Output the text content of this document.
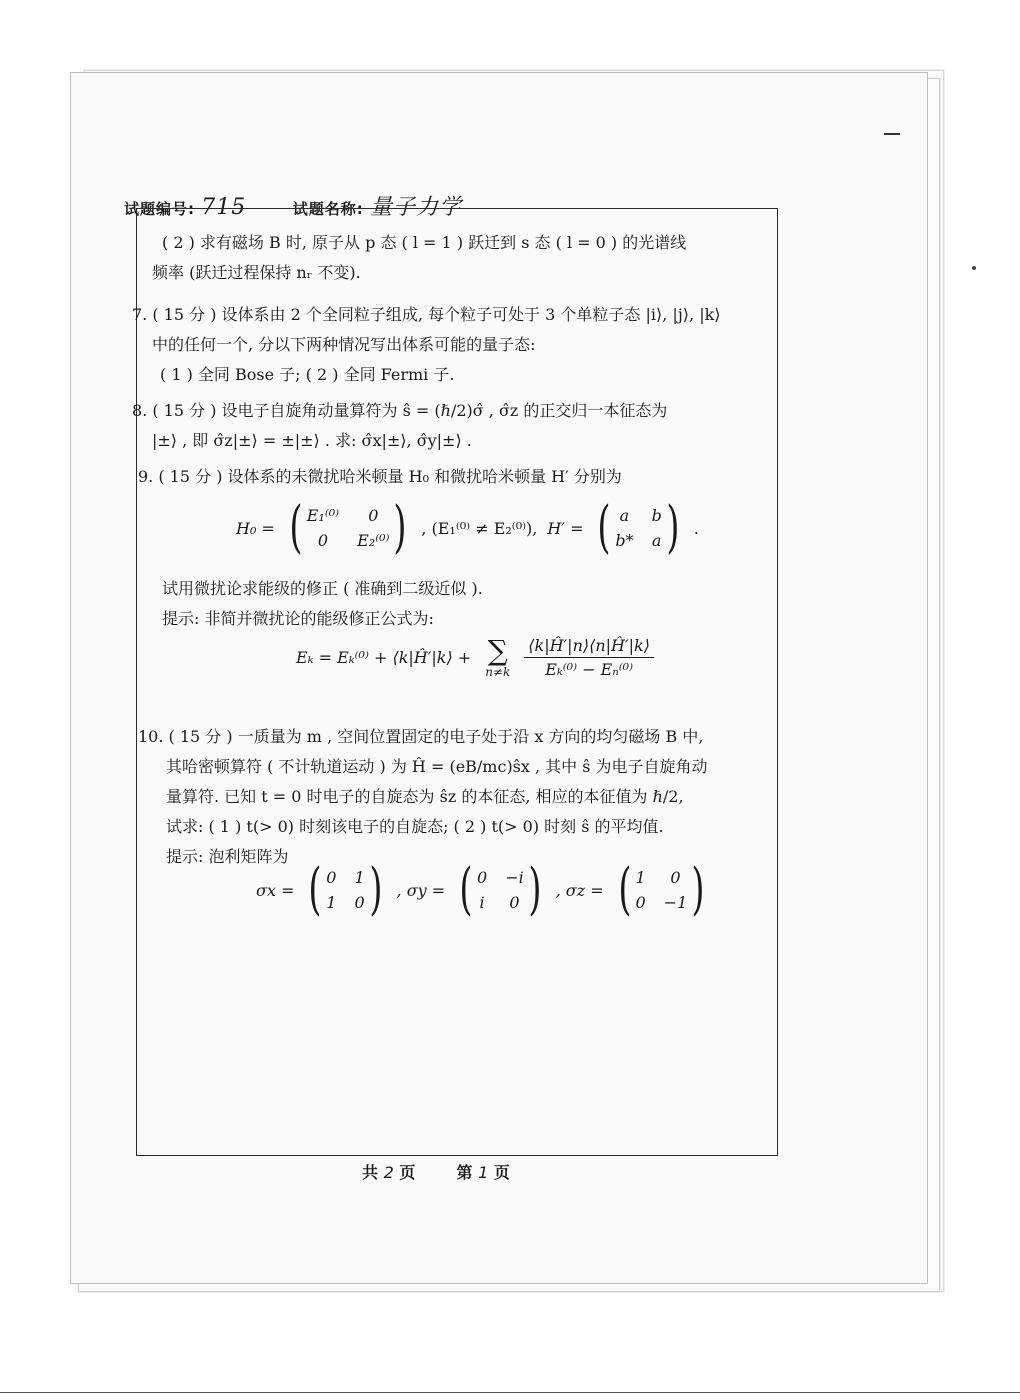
试题编号: 715	试题名称: 量子力学

( 2 ) 求有磁场 B 时, 原子从 p 态 ( l = 1 ) 跃迁到 s 态 ( l = 0 ) 的光谱线

频率 (跃迁过程保持 nᵣ 不变).

7. ( 15 分 ) 设体系由 2 个全同粒子组成, 每个粒子可处于 3 个单粒子态 |i⟩, |j⟩, |k⟩

中的任何一个, 分以下两种情况写出体系可能的量子态:

( 1 ) 全同 Bose 子; ( 2 ) 全同 Fermi 子.

8. ( 15 分 ) 设电子自旋角动量算符为 ŝ = (ℏ/2)σ̂ , σ̂z 的正交归一本征态为

|±⟩ , 即 σ̂z|±⟩ = ±|±⟩ . 求: σ̂x|±⟩, σ̂y|±⟩ .

9. ( 15 分 ) 设体系的未微扰哈米顿量 H₀ 和微扰哈米顿量 H′ 分别为

H₀ = ( E₁⁽⁰⁾	0
0	E₂⁽⁰⁾ ) , (E₁⁽⁰⁾ ≠ E₂⁽⁰⁾), H′ = ( a b
b* a ) .

试用微扰论求能级的修正 ( 准确到二级近似 ).

提示: 非简并微扰论的能级修正公式为:

Eₖ = Eₖ⁽⁰⁾ + ⟨k|Ĥ′|k⟩ + ∑
$n\ne k \frac{⟨k|Ĥ'|n⟩⟨n|Ĥ'|k⟩}{\text{Eₖ⁽⁰⁾ − Eₙ⁽⁰⁾}}$

10. ( 15 分 ) 一质量为 m , 空间位置固定的电子处于沿 x 方向的均匀磁场 B 中,

其哈密顿算符 ( 不计轨道运动 ) 为 Ĥ = (eB/mc)ŝx , 其中 ŝ 为电子自旋角动

量算符. 已知 t = 0 时电子的自旋态为 ŝz 的本征态, 相应的本征值为 ℏ/2,

试求: ( 1 ) t(> 0) 时刻该电子的自旋态; ( 2 ) t(> 0) 时刻 ŝ 的平均值.

提示: 泡利矩阵为

σx = ( 0 1
1 0 ) , σy = ( 0 −i
i 0 ) , σz = ( 1	0
0 −1 )
共 2 页	第 1 页
